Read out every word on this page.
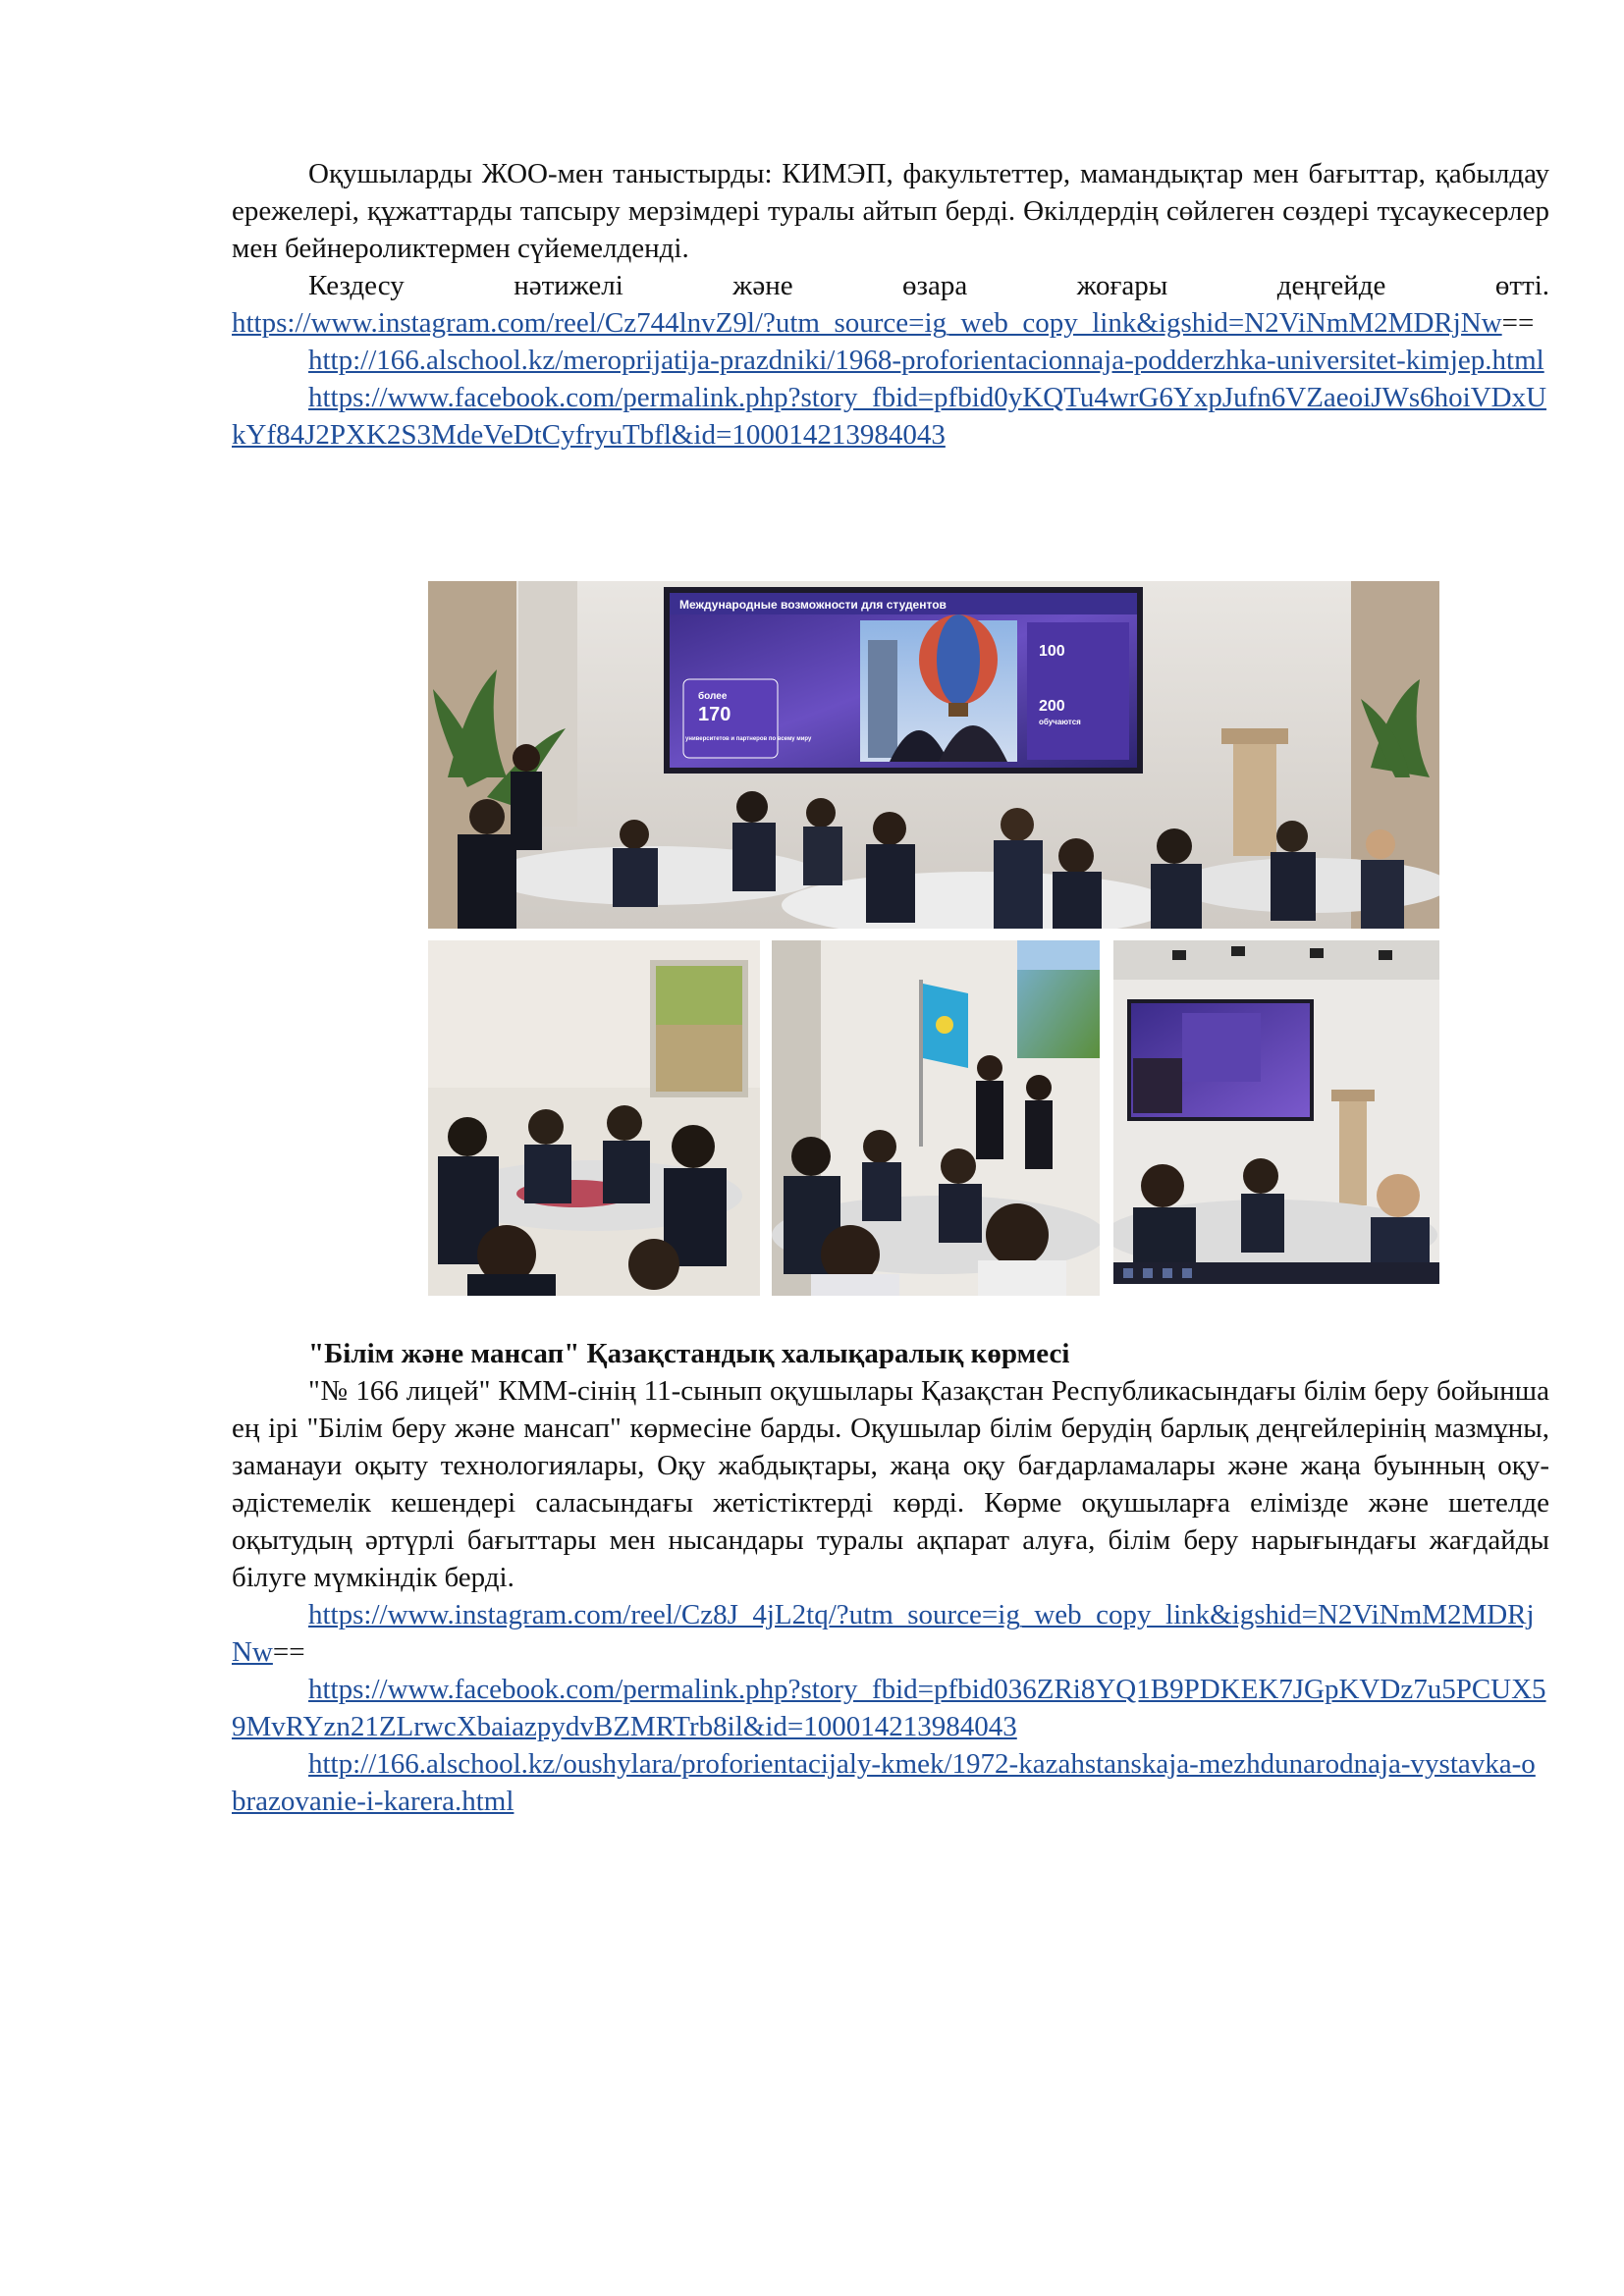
Оқушыларды ЖОО-мен таныстырды: КИМЭП, факультеттер, мамандықтар мен бағыттар, қабылдау ережелері, құжаттарды тапсыру мерзімдері туралы айтып берді. Өкілдердің сөйлеген сөздері тұсаукесерлер мен бейнероликтермен сүйемелденді.

Кездесу нәтижелі және өзара жоғары деңгейде өтті.

https://www.instagram.com/reel/Cz744lnvZ9l/?utm_source=ig_web_copy_link&igshid=N2ViNmM2MDRjNw==

http://166.alschool.kz/meroprijatija-prazdniki/1968-proforientacionnaja-podderzhka-universitet-kimjep.html

https://www.facebook.com/permalink.php?story_fbid=pfbid0yKQTu4wrG6YxpJufn6VZaeoiJWs6hoiVDxUkYf84J2PXK2S3MdeVeDtCyfryuTbfl&id=100014213984043

Международные возможности для студентов
более
170
университетов и партнеров по всему миру
100
200
обучаются

"Білім және мансап" Қазақстандық халықаралық көрмесі

"№ 166 лицей" КММ-сінің 11-сынып оқушылары Қазақстан Республикасындағы білім беру бойынша ең ірі "Білім беру және мансап" көрмесіне барды. Оқушылар білім берудің барлық деңгейлерінің мазмұны, заманауи оқыту технологиялары, Оқу жабдықтары, жаңа оқу бағдарламалары және жаңа буынның оқу-әдістемелік кешендері саласындағы жетістіктерді көрді. Көрме оқушыларға елімізде және шетелде оқытудың әртүрлі бағыттары мен нысандары туралы ақпарат алуға, білім беру нарығындағы жағдайды білуге мүмкіндік берді.

https://www.instagram.com/reel/Cz8J_4jL2tq/?utm_source=ig_web_copy_link&igshid=N2ViNmM2MDRjNw==

https://www.facebook.com/permalink.php?story_fbid=pfbid036ZRi8YQ1B9PDKEK7JGpKVDz7u5PCUX59MvRYzn21ZLrwcXbaiazpydvBZMRTrb8il&id=100014213984043

http://166.alschool.kz/oushylara/proforientacijaly-kmek/1972-kazahstanskaja-mezhdunarodnaja-vystavka-obrazovanie-i-karera.html
